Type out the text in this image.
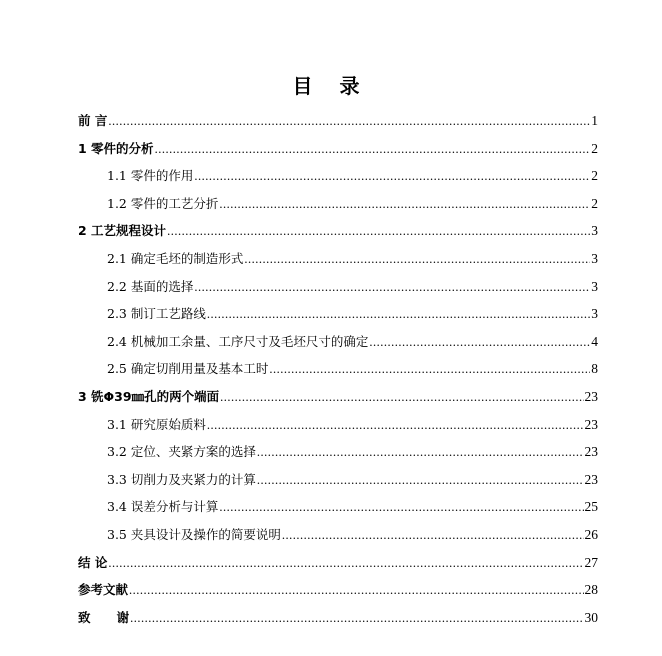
目 录
前 言 .....	1
1 零件的分析 .....	2
1.1 零件的作用 .....	2
1.2 零件的工艺分折 .....	2
2 工艺规程设计 .....	3
2.1 确定毛坯的制造形式 .....	3
2.2 基面的选择 .....	3
2.3 制订工艺路线 .....	3
2.4 机械加工余量、工序尺寸及毛坯尺寸的确定 .....	4
2.5 确定切削用量及基本工时 .....	8
3 铣Φ39㎜孔的两个端面 .....	23
3.1 研究原始质料 .....	23
3.2 定位、夹紧方案的选择 .....	23
3.3 切削力及夹紧力的计算 .....	23
3.4 误差分析与计算 .....	25
3.5 夹具设计及操作的简要说明 .....	26
结 论 .....	27
参考文献 .....	28
致      谢 .....	30
